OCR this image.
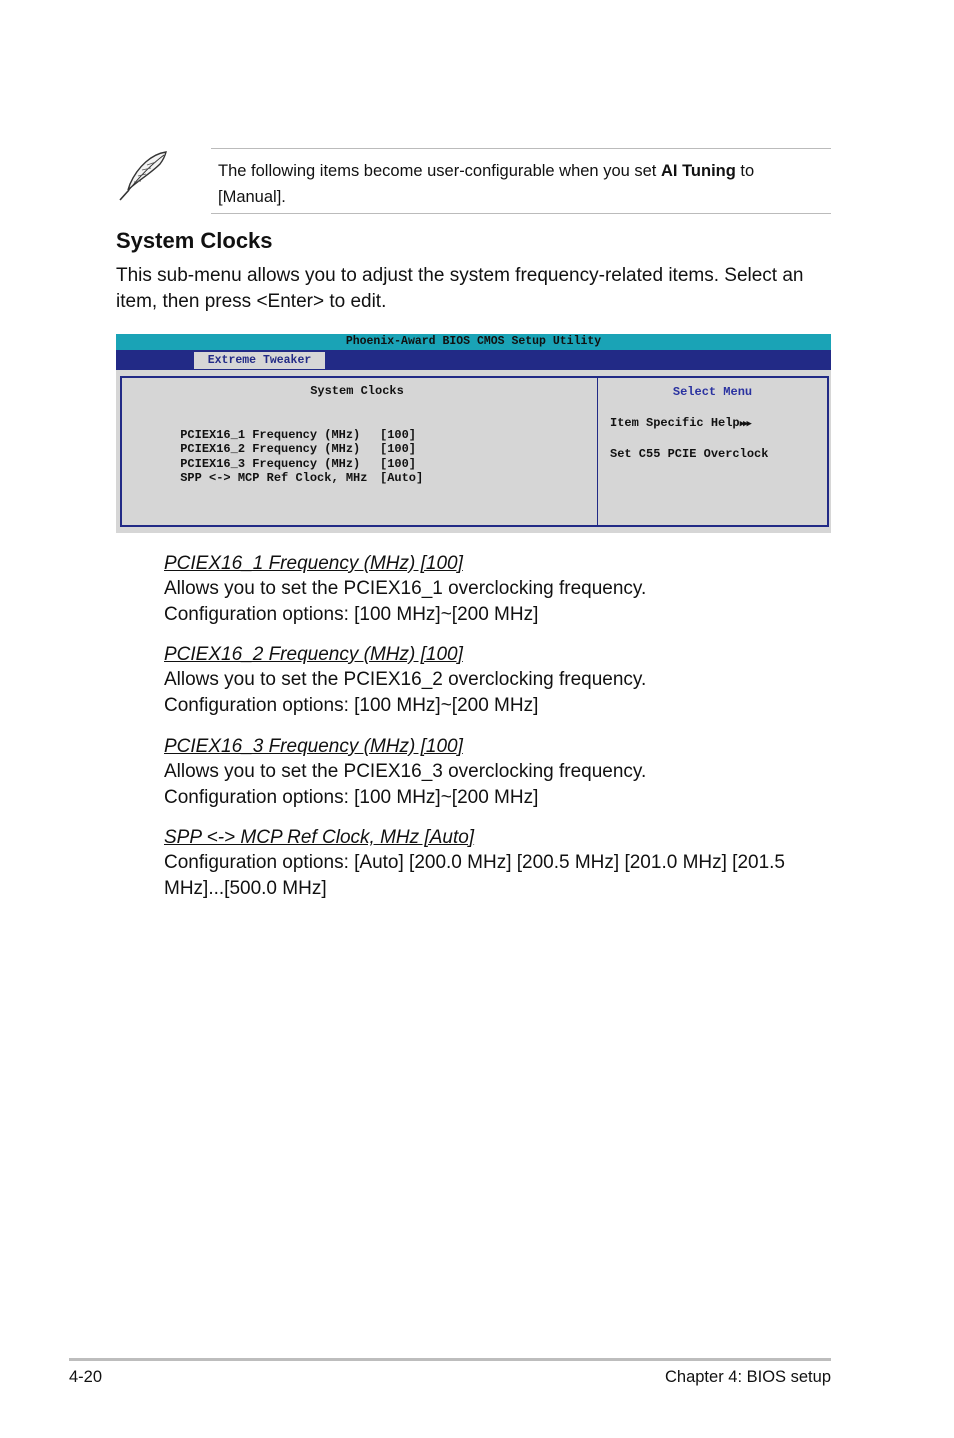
The following items become user-configurable when you set AI Tuning to [Manual].
System Clocks
This sub-menu allows you to adjust the system frequency-related items. Select an item, then press <Enter> to edit.
Phoenix-Award BIOS CMOS Setup Utility
Extreme Tweaker
System Clocks

PCIEX16_1 Frequency (MHz) [100]

PCIEX16_2 Frequency (MHz) [100]

PCIEX16_3 Frequency (MHz) [100]

SPP <-> MCP Ref Clock, MHz [Auto]

Select Menu
Item Specific Help▶▶▶
Set C55 PCIE Overclock
PCIEX16_1 Frequency (MHz) [100]
Allows you to set the PCIEX16_1 overclocking frequency.
Configuration options: [100 MHz]~[200 MHz]
PCIEX16_2 Frequency (MHz) [100]
Allows you to set the PCIEX16_2 overclocking frequency.
Configuration options: [100 MHz]~[200 MHz]
PCIEX16_3 Frequency (MHz) [100]
Allows you to set the PCIEX16_3 overclocking frequency.
Configuration options: [100 MHz]~[200 MHz]
SPP <-> MCP Ref Clock, MHz [Auto]
Configuration options: [Auto] [200.0 MHz] [200.5 MHz] [201.0 MHz] [201.5 MHz]...[500.0 MHz]
4-20	Chapter 4: BIOS setup
